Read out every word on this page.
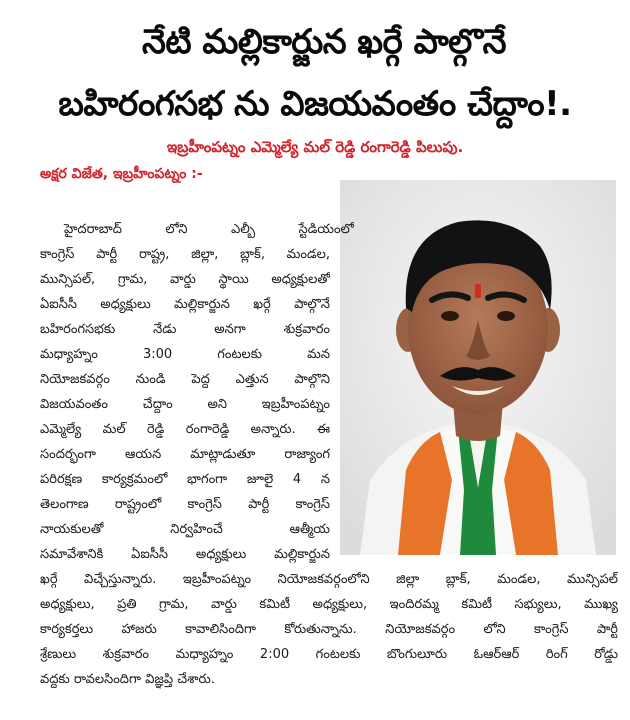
నేటి మల్లికార్జున ఖర్గే పాల్గొనే
బహిరంగసభ ను విజయవంతం చేద్దాం!.
ఇబ్రహీంపట్నం ఎమ్మెల్యే మల్ రెడ్డి రంగారెడ్డి పిలుపు.
అక్షర విజేత, ఇబ్రహీంపట్నం :-
హైదరాబాద్ లోని ఎల్బీ స్టేడియంలో
కాంగ్రెస్ పార్టీ రాష్ట్ర, జిల్లా, బ్లాక్, మండల,
మున్సిపల్, గ్రామ, వార్డు స్థాయి అధ్యక్షులతో
ఏఐసీసీ అధ్యక్షులు మల్లికార్జున ఖర్గే పాల్గొనే
బహిరంగసభకు నేడు అనగా శుక్రవారం
మధ్యాహ్నం 3:00 గంటలకు మన
నియోజకవర్గం నుండి పెద్ద ఎత్తున పాల్గొని
విజయవంతం చేద్దాం అని ఇబ్రహీంపట్నం
ఎమ్మెల్యే మల్ రెడ్డి రంగారెడ్డి అన్నారు. ఈ
సందర్భంగా ఆయన మాట్లాడుతూ రాజ్యాంగ
పరిరక్షణ కార్యక్రమంలో భాగంగా జూలై 4 న
తెలంగాణ రాష్ట్రంలో కాంగ్రెస్ పార్టీ కాంగ్రెస్
నాయకులతో నిర్వహించే ఆత్మీయ
సమావేశానికి ఏఐసీసీ అధ్యక్షులు మల్లికార్జున
ఖర్గే విచ్చేస్తున్నారు. ఇబ్రహీంపట్నం నియోజకవర్గంలోని జిల్లా బ్లాక్, మండల, మున్సిపల్
అధ్యక్షులు, ప్రతి గ్రామ, వార్డు కమిటీ అధ్యక్షులు, ఇందిరమ్మ కమిటీ సభ్యులు, ముఖ్య
కార్యకర్తలు హాజరు కావాలిసిందిగా కోరుతున్నాను. నియోజకవర్గం లోని కాంగ్రెస్ పార్టీ
శ్రేణులు శుక్రవారం మధ్యాహ్నం 2:00 గంటలకు బొంగులూరు ఓఆర్ఆర్ రింగ్ రోడ్డు
వద్దకు రావలసిందిగా విజ్ఞప్తి చేశారు.
